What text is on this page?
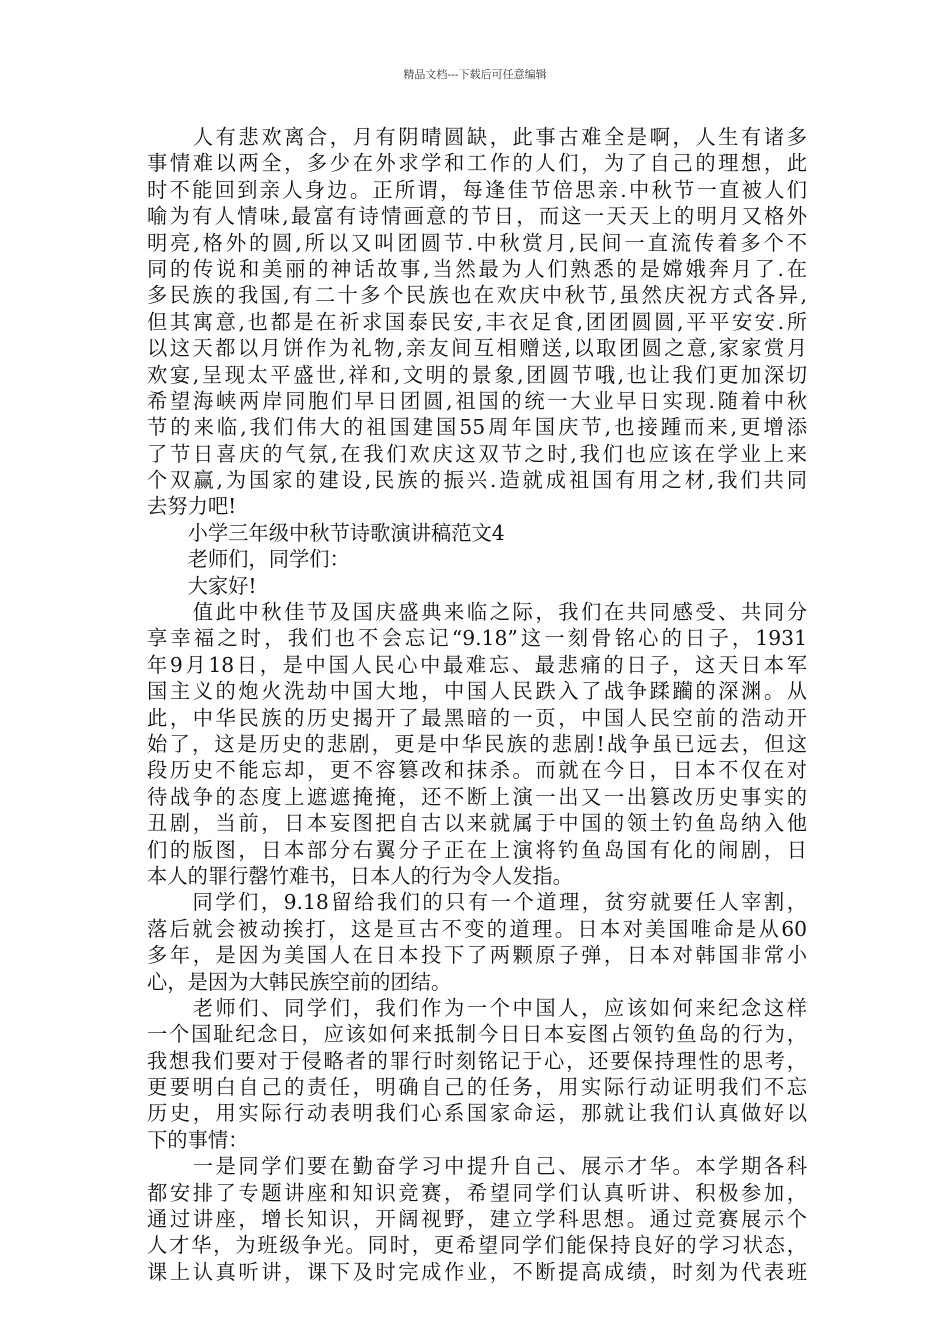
精品文档---下载后可任意编辑
　　人有悲欢离合，月有阴晴圆缺，此事古难全是啊，人生有诸多
事情难以两全，多少在外求学和工作的人们，为了自己的理想，此
时不能回到亲人身边。正所谓，每逢佳节倍思亲.中秋节一直被人们
喻为有人情味,最富有诗情画意的节日，而这一天天上的明月又格外
明亮,格外的圆,所以又叫团圆节.中秋赏月,民间一直流传着多个不
同的传说和美丽的神话故事,当然最为人们熟悉的是嫦娥奔月了.在
多民族的我国,有二十多个民族也在欢庆中秋节,虽然庆祝方式各异,
但其寓意,也都是在祈求国泰民安,丰衣足食,团团圆圆,平平安安.所
以这天都以月饼作为礼物,亲友间互相赠送,以取团圆之意,家家赏月
欢宴,呈现太平盛世,祥和,文明的景象,团圆节哦,也让我们更加深切
希望海峡两岸同胞们早日团圆,祖国的统一大业早日实现.随着中秋
节的来临,我们伟大的祖国建国55周年国庆节,也接踵而来,更增添
了节日喜庆的气氛,在我们欢庆这双节之时,我们也应该在学业上来
个双赢,为国家的建设,民族的振兴.造就成祖国有用之材,我们共同
去努力吧!
　　小学三年级中秋节诗歌演讲稿范文4
　　老师们，同学们：
　　大家好!
　　值此中秋佳节及国庆盛典来临之际，我们在共同感受、共同分
享幸福之时，我们也不会忘记“9.18”这一刻骨铭心的日子，1931
年9月18日，是中国人民心中最难忘、最悲痛的日子，这天日本军
国主义的炮火洗劫中国大地，中国人民跌入了战争蹂躏的深渊。从
此，中华民族的历史揭开了最黑暗的一页，中国人民空前的浩动开
始了，这是历史的悲剧，更是中华民族的悲剧!战争虽已远去，但这
段历史不能忘却，更不容篡改和抹杀。而就在今日，日本不仅在对
待战争的态度上遮遮掩掩，还不断上演一出又一出篡改历史事实的
丑剧，当前，日本妄图把自古以来就属于中国的领土钓鱼岛纳入他
们的版图，日本部分右翼分子正在上演将钓鱼岛国有化的闹剧，日
本人的罪行罄竹难书，日本人的行为令人发指。
　　同学们，9.18留给我们的只有一个道理，贫穷就要任人宰割，
落后就会被动挨打，这是亘古不变的道理。日本对美国唯命是从60
多年，是因为美国人在日本投下了两颗原子弹，日本对韩国非常小
心，是因为大韩民族空前的团结。
　　老师们、同学们，我们作为一个中国人，应该如何来纪念这样
一个国耻纪念日，应该如何来抵制今日日本妄图占领钓鱼岛的行为，
我想我们要对于侵略者的罪行时刻铭记于心，还要保持理性的思考，
更要明白自己的责任，明确自己的任务，用实际行动证明我们不忘
历史，用实际行动表明我们心系国家命运，那就让我们认真做好以
下的事情：
　　一是同学们要在勤奋学习中提升自己、展示才华。本学期各科
都安排了专题讲座和知识竞赛，希望同学们认真听讲、积极参加，
通过讲座，增长知识，开阔视野，建立学科思想。通过竞赛展示个
人才华，为班级争光。同时，更希望同学们能保持良好的学习状态，
课上认真听讲，课下及时完成作业，不断提高成绩，时刻为代表班
